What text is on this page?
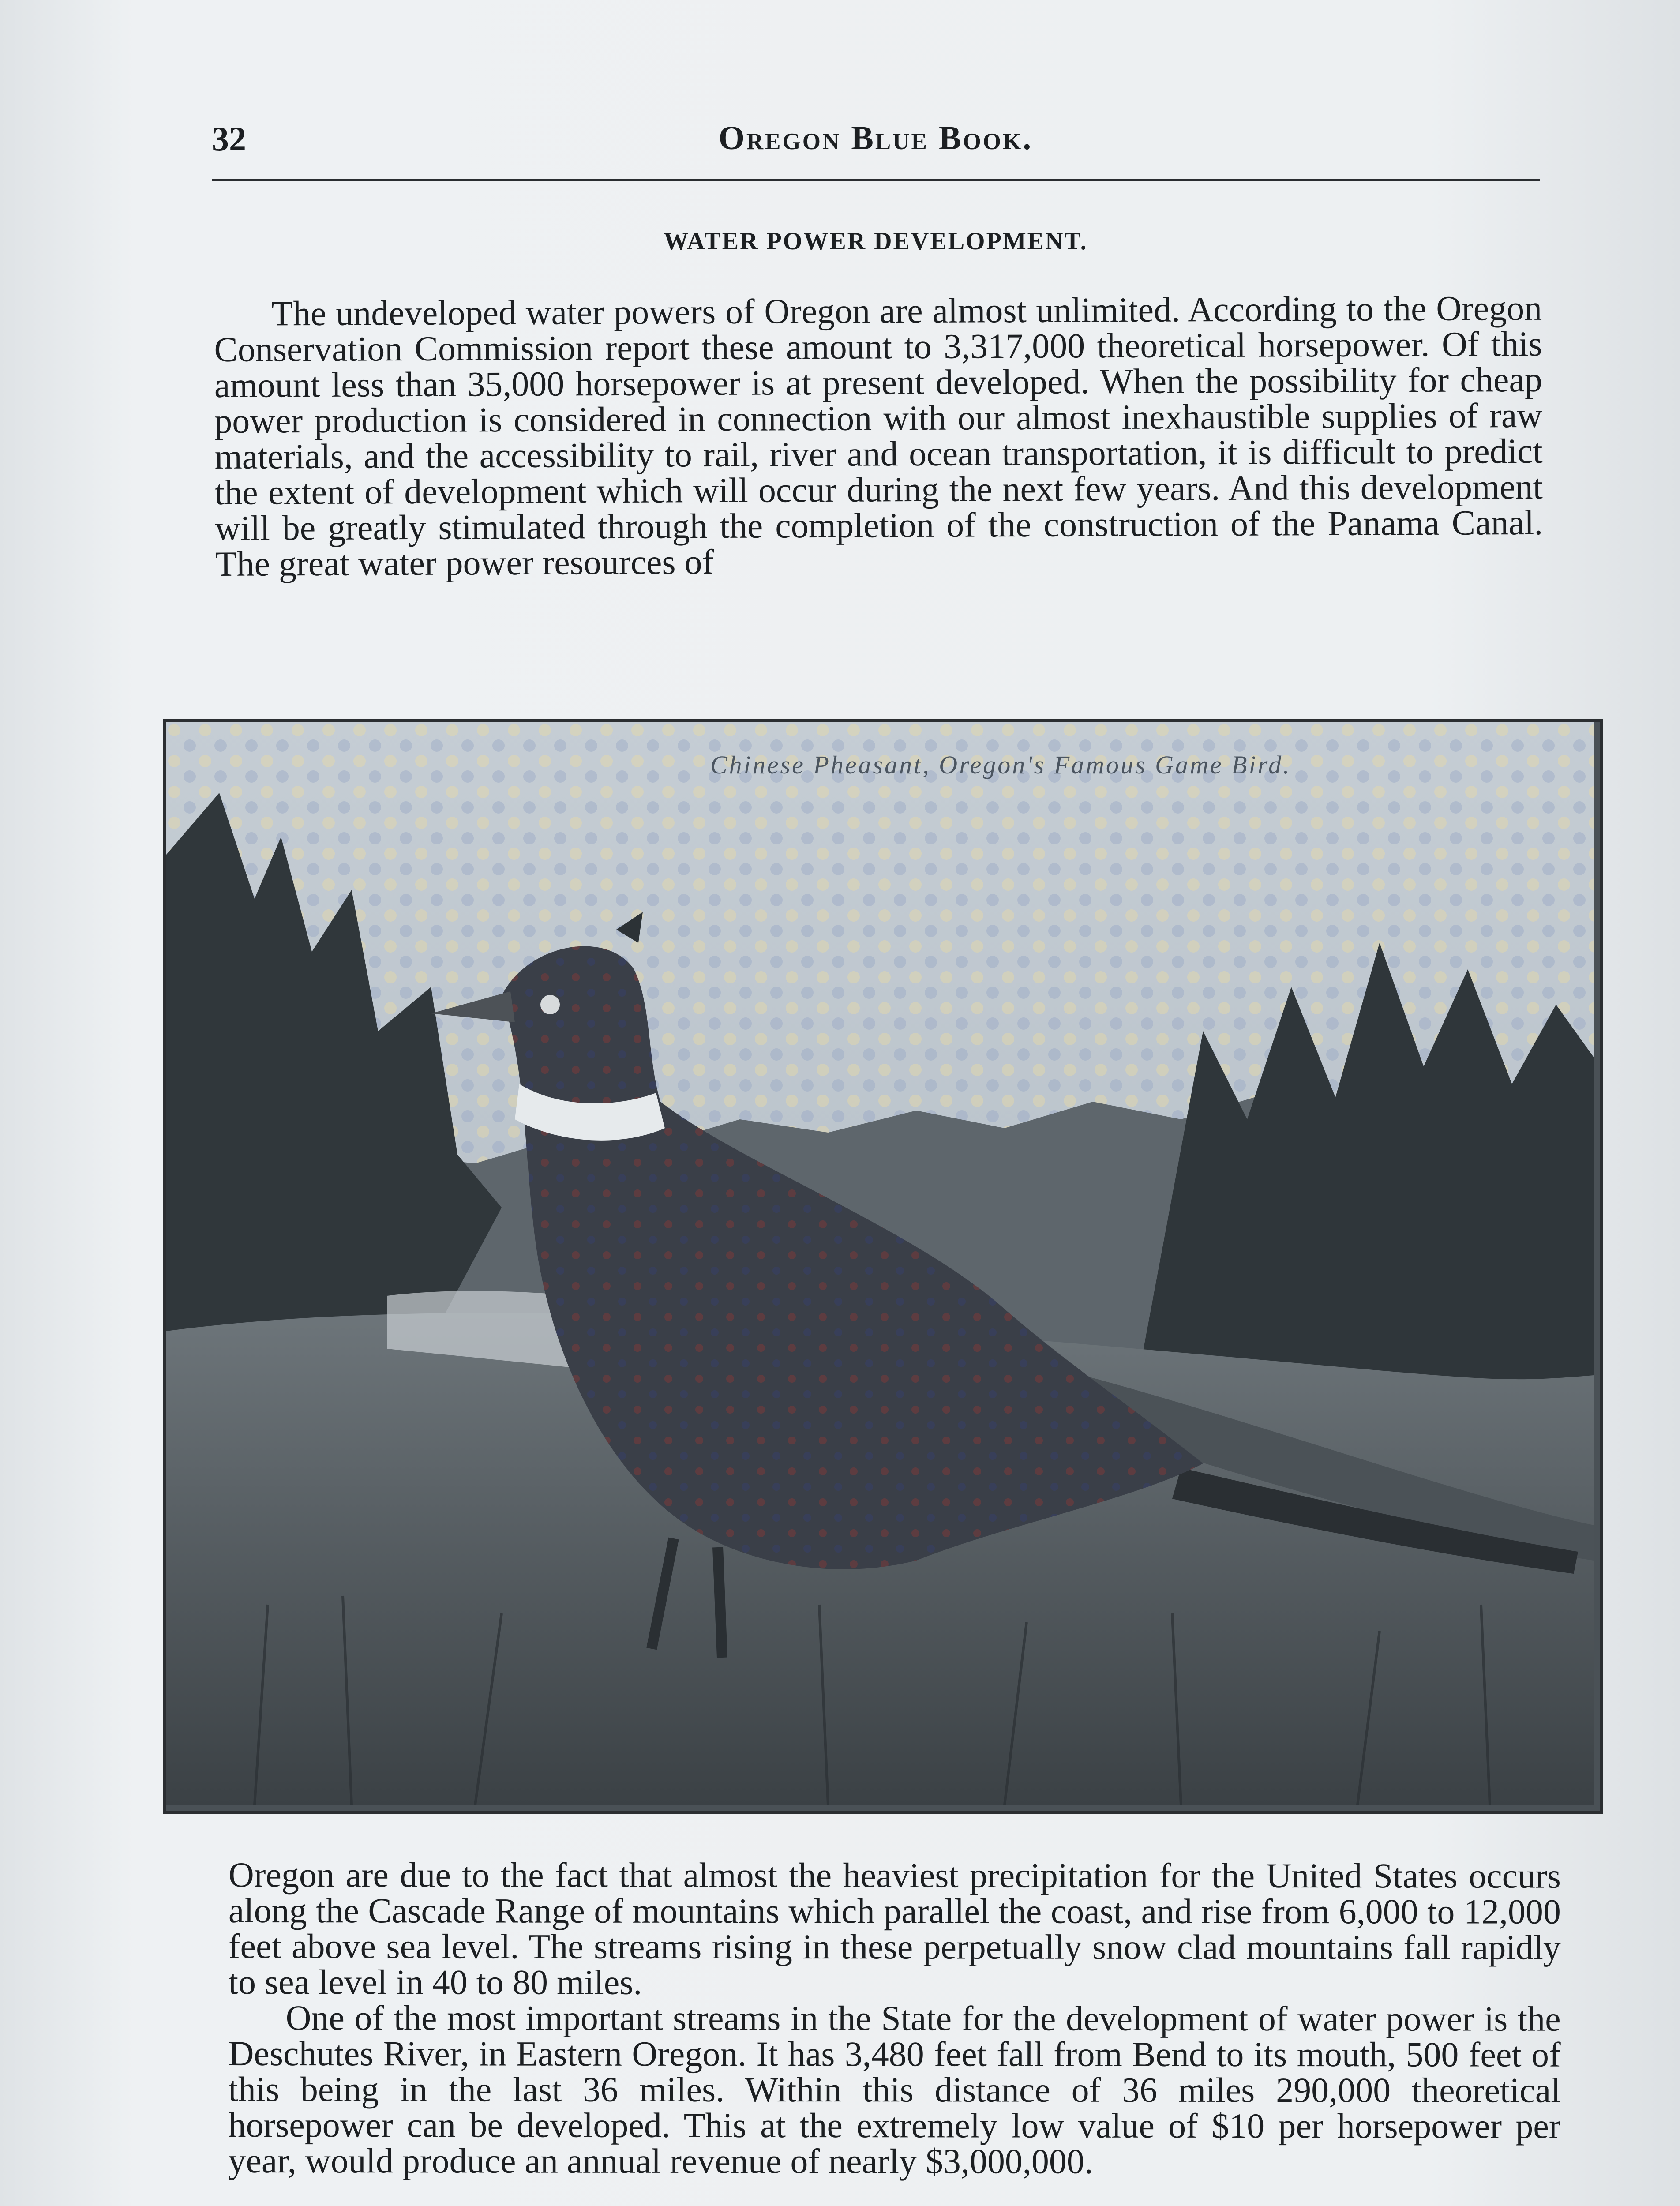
32	Oregon Blue Book.
WATER POWER DEVELOPMENT.

The undeveloped water powers of Oregon are almost unlimited. According to the Oregon Conservation Commission report these amount to 3,317,000 theoretical horsepower. Of this amount less than 35,000 horsepower is at present developed. When the possibility for cheap power production is considered in connection with our almost inexhaustible supplies of raw materials, and the accessibility to rail, river and ocean transportation, it is difficult to predict the extent of development which will occur during the next few years. And this development will be greatly stimulated through the completion of the construction of the Panama Canal. The great water power resources of

Chinese Pheasant, Oregon's Famous Game Bird.

Oregon are due to the fact that almost the heaviest precipitation for the United States occurs along the Cascade Range of mountains which parallel the coast, and rise from 6,000 to 12,000 feet above sea level. The streams rising in these perpetually snow clad mountains fall rapidly to sea level in 40 to 80 miles.

One of the most important streams in the State for the development of water power is the Deschutes River, in Eastern Oregon. It has 3,480 feet fall from Bend to its mouth, 500 feet of this being in the last 36 miles. Within this distance of 36 miles 290,000 theoretical horsepower can be developed. This at the extremely low value of $10 per horsepower per year, would produce an annual revenue of nearly $3,000,000.
